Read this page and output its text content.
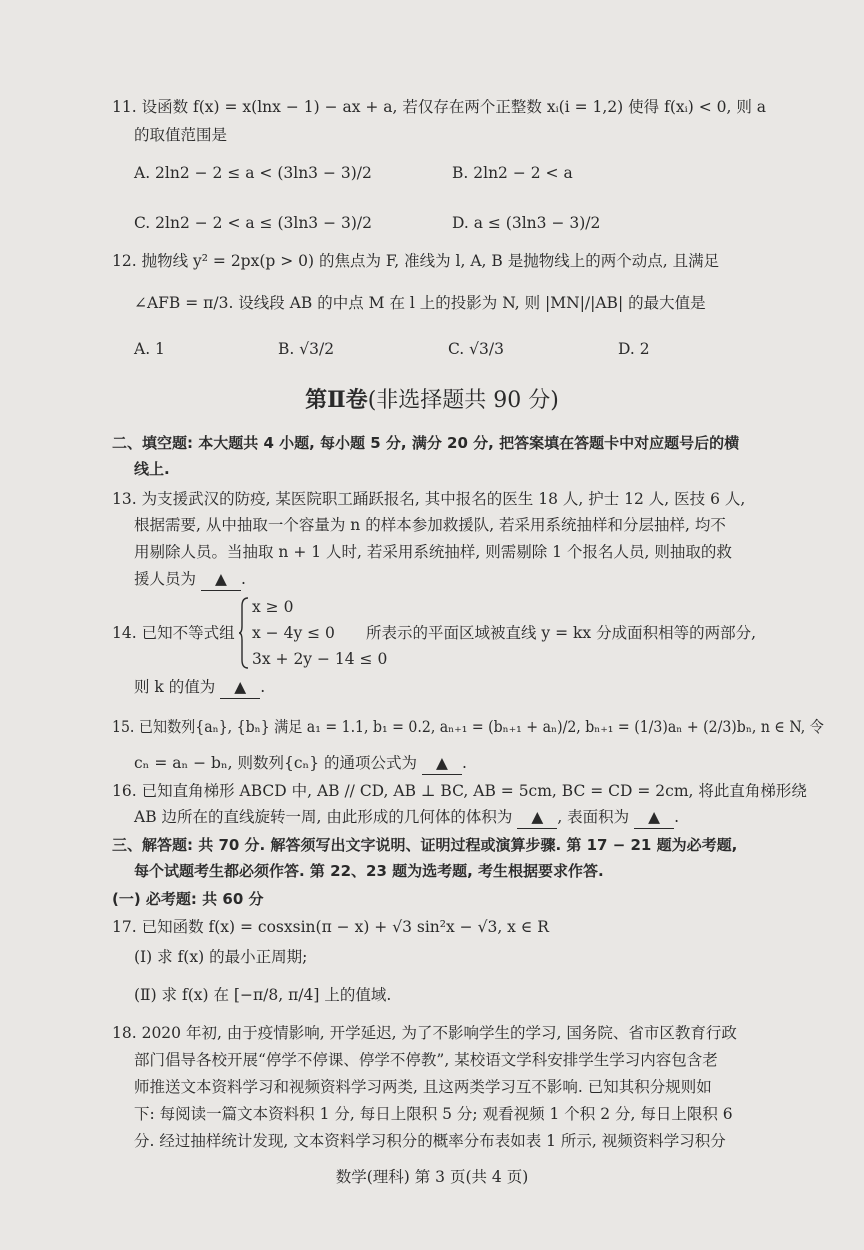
11. 设函数 f(x) = x(lnx − 1) − ax + a, 若仅存在两个正整数 xᵢ(i = 1,2) 使得 f(xᵢ) < 0, 则 a
的取值范围是
A. 2ln2 − 2 ≤ a < (3ln3 − 3)/2	B. 2ln2 − 2 < a
C. 2ln2 − 2 < a ≤ (3ln3 − 3)/2	D. a ≤ (3ln3 − 3)/2
12. 抛物线 y² = 2px(p > 0) 的焦点为 F, 准线为 l, A, B 是抛物线上的两个动点, 且满足
∠AFB = π/3. 设线段 AB 的中点 M 在 l 上的投影为 N, 则 |MN|/|AB| 的最大值是
A. 1	B. √3/2	C. √3/3	D. 2
第Ⅱ卷(非选择题共 90 分)
二、填空题: 本大题共 4 小题, 每小题 5 分, 满分 20 分, 把答案填在答题卡中对应题号后的横
线上.
13. 为支援武汉的防疫, 某医院职工踊跃报名, 其中报名的医生 18 人, 护士 12 人, 医技 6 人,
根据需要, 从中抽取一个容量为 n 的样本参加救援队, 若采用系统抽样和分层抽样, 均不
用剔除人员。当抽取 n + 1 人时, 若采用系统抽样, 则需剔除 1 个报名人员, 则抽取的救
援人员为 ▲ .
14. 已知不等式组
x ≥ 0
x − 4y ≤ 0
3x + 2y − 14 ≤ 0
所表示的平面区域被直线 y = kx 分成面积相等的两部分,
则 k 的值为 ▲ .
15. 已知数列{aₙ}, {bₙ} 满足 a₁ = 1.1, b₁ = 0.2, aₙ₊₁ = (bₙ₊₁ + aₙ)/2, bₙ₊₁ = (1/3)aₙ + (2/3)bₙ, n ∈ N, 令
cₙ = aₙ − bₙ, 则数列{cₙ} 的通项公式为 ▲ .
16. 已知直角梯形 ABCD 中, AB // CD, AB ⊥ BC, AB = 5cm, BC = CD = 2cm, 将此直角梯形绕
AB 边所在的直线旋转一周, 由此形成的几何体的体积为 ▲ , 表面积为 ▲ .
三、解答题: 共 70 分. 解答须写出文字说明、证明过程或演算步骤. 第 17 − 21 题为必考题,
每个试题考生都必须作答. 第 22、23 题为选考题, 考生根据要求作答.
(一) 必考题: 共 60 分
17. 已知函数 f(x) = cosxsin(π − x) + √3 sin²x − √3, x ∈ R
(Ⅰ) 求 f(x) 的最小正周期;
(Ⅱ) 求 f(x) 在 [−π/8, π/4] 上的值域.
18. 2020 年初, 由于疫情影响, 开学延迟, 为了不影响学生的学习, 国务院、省市区教育行政
部门倡导各校开展“停学不停课、停学不停教”, 某校语文学科安排学生学习内容包含老
师推送文本资料学习和视频资料学习两类, 且这两类学习互不影响. 已知其积分规则如
下: 每阅读一篇文本资料积 1 分, 每日上限积 5 分; 观看视频 1 个积 2 分, 每日上限积 6
分. 经过抽样统计发现, 文本资料学习积分的概率分布表如表 1 所示, 视频资料学习积分
数学(理科) 第 3 页(共 4 页)
